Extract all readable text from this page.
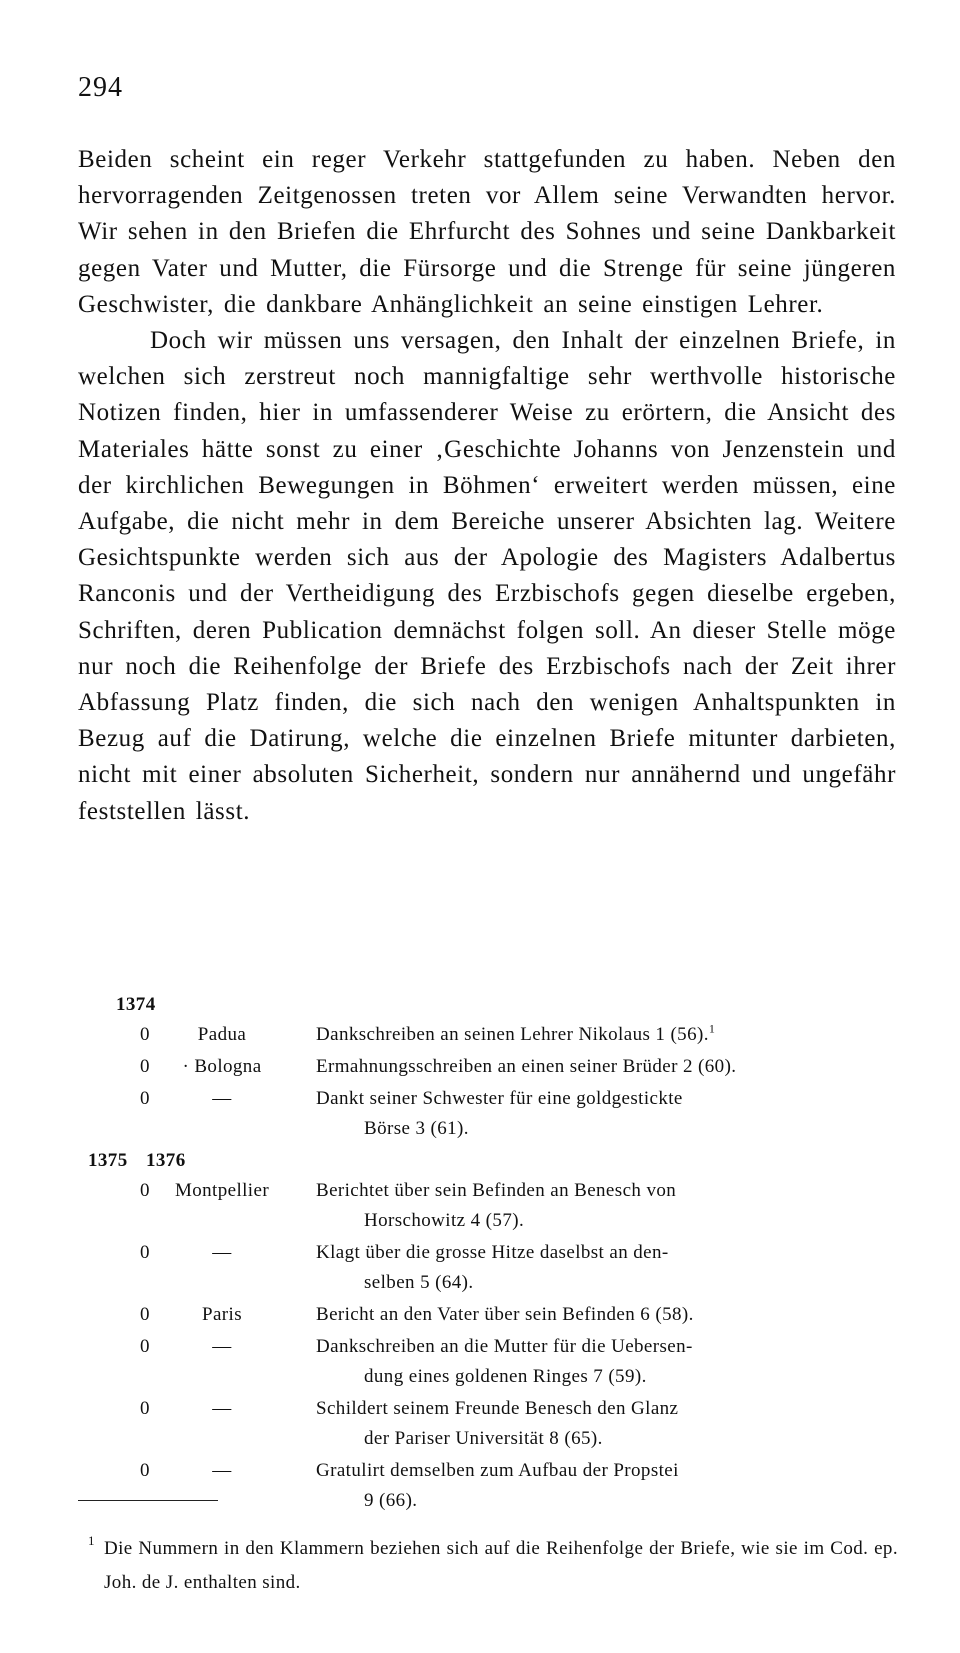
294

Beiden scheint ein reger Verkehr stattgefunden zu haben. Neben den hervorragenden Zeitgenossen treten vor Allem seine Verwandten hervor. Wir sehen in den Briefen die Ehrfurcht des Sohnes und seine Dankbarkeit gegen Vater und Mutter, die Fürsorge und die Strenge für seine jüngeren Geschwister, die dankbare Anhänglichkeit an seine einstigen Lehrer.

Doch wir müssen uns versagen, den Inhalt der einzelnen Briefe, in welchen sich zerstreut noch mannigfaltige sehr werthvolle historische Notizen finden, hier in umfassenderer Weise zu erörtern, die Ansicht des Materiales hätte sonst zu einer ‚Geschichte Johanns von Jenzenstein und der kirchlichen Bewegungen in Böhmen‘ erweitert werden müssen, eine Aufgabe, die nicht mehr in dem Bereiche unserer Absichten lag. Weitere Gesichtspunkte werden sich aus der Apologie des Magisters Adalbertus Ranconis und der Vertheidigung des Erzbischofs gegen dieselbe ergeben, Schriften, deren Publication demnächst folgen soll. An dieser Stelle möge nur noch die Reihenfolge der Briefe des Erzbischofs nach der Zeit ihrer Abfassung Platz finden, die sich nach den wenigen Anhaltspunkten in Bezug auf die Datirung, welche die einzelnen Briefe mitunter darbieten, nicht mit einer absoluten Sicherheit, sondern nur annähernd und ungefähr feststellen lässt.

1374
0	Padua	Dankschreiben an seinen Lehrer Nikolaus 1 (56).$^1$
0	· Bologna	Ermahnungsschreiben an einen seiner Brüder 2 (60).
0	—	Dankt seiner Schwester für eine goldgestickte
Börse 3 (61).
1375 1376
0	Montpellier	Berichtet über sein Befinden an Benesch von
Horschowitz 4 (57).
0	—	Klagt über die grosse Hitze daselbst an den-
selben 5 (64).
0	Paris	Bericht an den Vater über sein Befinden 6 (58).
0	—	Dankschreiben an die Mutter für die Uebersen-
dung eines goldenen Ringes 7 (59).
0	—	Schildert seinem Freunde Benesch den Glanz
der Pariser Universität 8 (65).
0	—	Gratulirt demselben zum Aufbau der Propstei
9 (66).
1 Die Nummern in den Klammern beziehen sich auf die Reihenfolge der Briefe, wie sie im Cod. ep. Joh. de J. enthalten sind.
